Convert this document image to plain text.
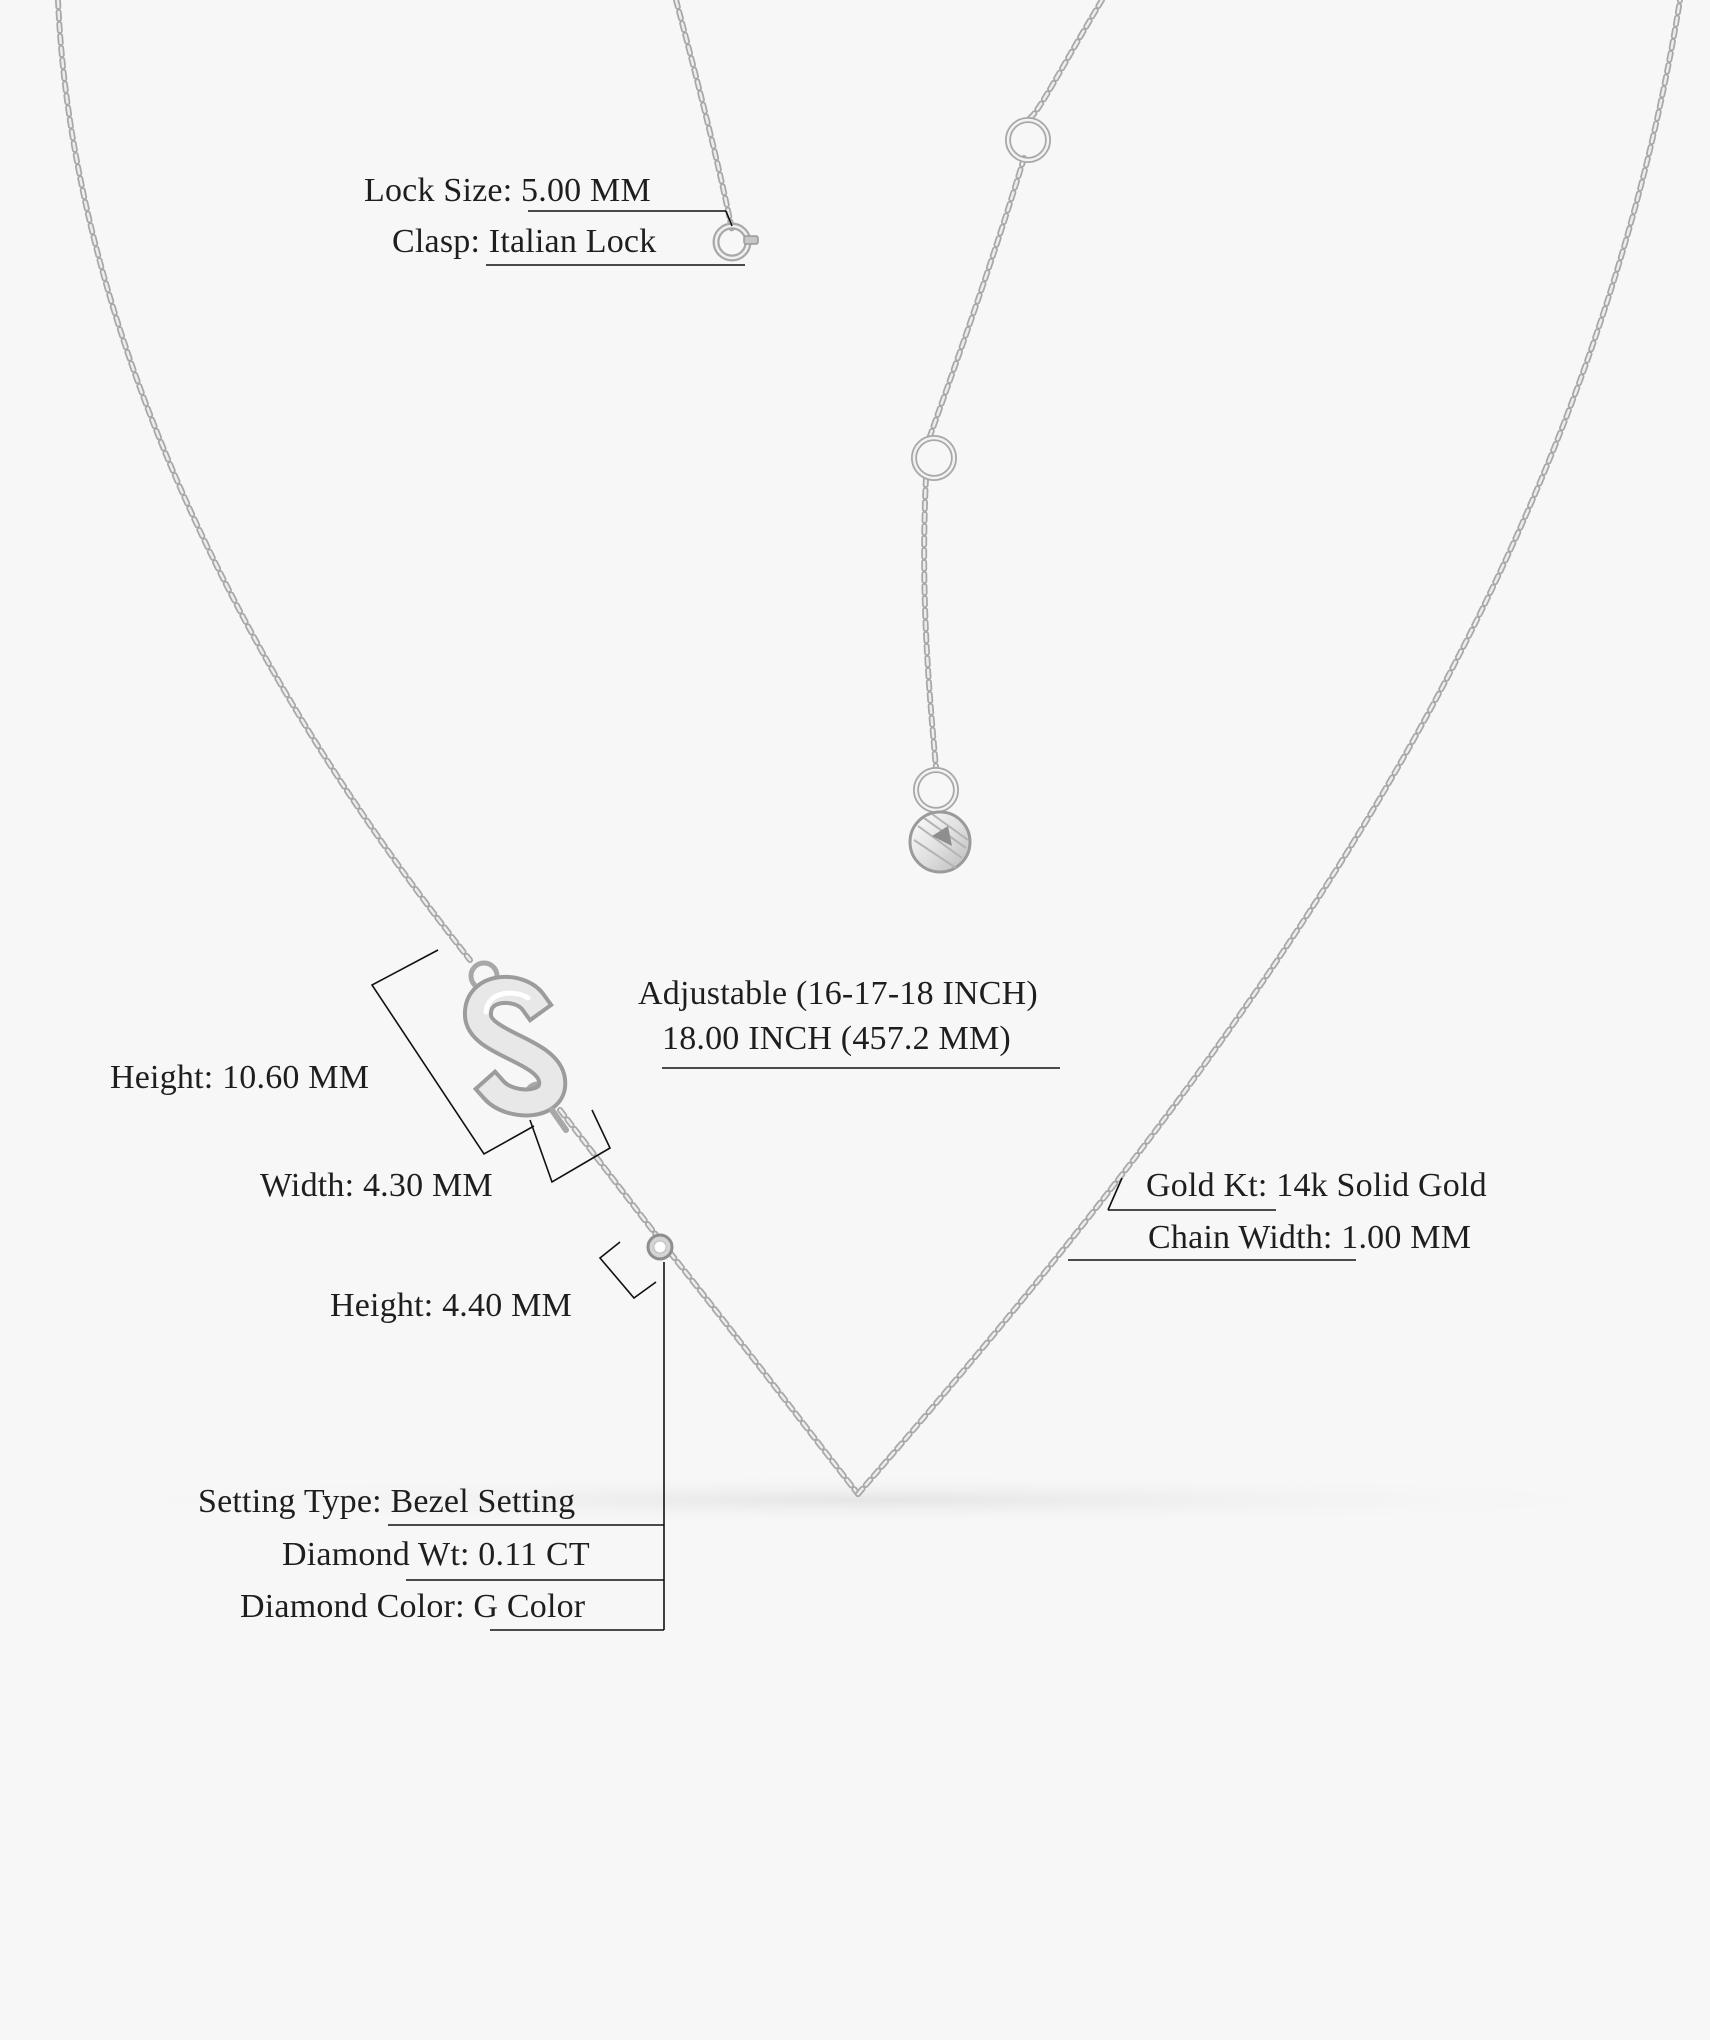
Lock Size: 5.00 MM
Clasp: Italian Lock
Adjustable (16-17-18 INCH)
18.00 INCH (457.2 MM)
Height: 10.60 MM
Width: 4.30 MM
Height: 4.40 MM
Gold Kt: 14k Solid Gold
Chain Width: 1.00 MM
Setting Type: Bezel Setting
Diamond Wt: 0.11 CT
Diamond Color: G Color
